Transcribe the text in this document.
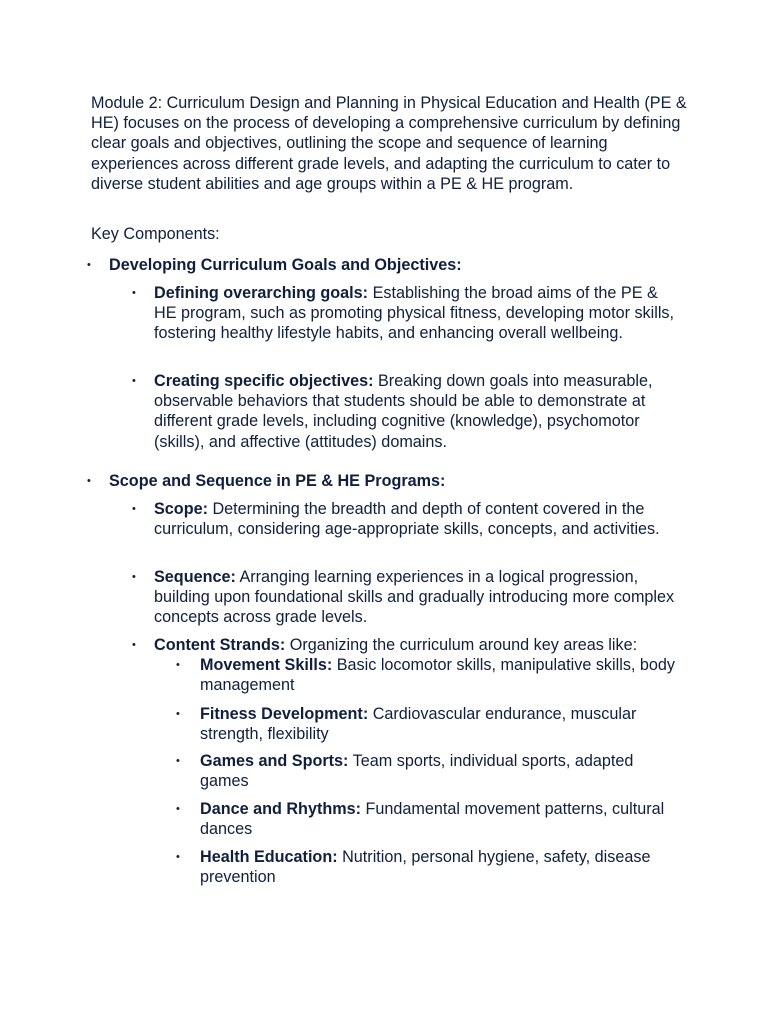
Module 2: Curriculum Design and Planning in Physical Education and Health (PE & HE) focuses on the process of developing a comprehensive curriculum by defining clear goals and objectives, outlining the scope and sequence of learning experiences across different grade levels, and adapting the curriculum to cater to diverse student abilities and age groups within a PE & HE program.

Key Components:

• Developing Curriculum Goals and Objectives:
• Defining overarching goals: Establishing the broad aims of the PE & HE program, such as promoting physical fitness, developing motor skills, fostering healthy lifestyle habits, and enhancing overall wellbeing.
• Creating specific objectives: Breaking down goals into measurable, observable behaviors that students should be able to demonstrate at different grade levels, including cognitive (knowledge), psychomotor (skills), and affective (attitudes) domains.
• Scope and Sequence in PE & HE Programs:
• Scope: Determining the breadth and depth of content covered in the curriculum, considering age-appropriate skills, concepts, and activities.
• Sequence: Arranging learning experiences in a logical progression, building upon foundational skills and gradually introducing more complex concepts across grade levels.
• Content Strands: Organizing the curriculum around key areas like:
• Movement Skills: Basic locomotor skills, manipulative skills, body management
• Fitness Development: Cardiovascular endurance, muscular strength, flexibility
• Games and Sports: Team sports, individual sports, adapted games
• Dance and Rhythms: Fundamental movement patterns, cultural dances
• Health Education: Nutrition, personal hygiene, safety, disease prevention
